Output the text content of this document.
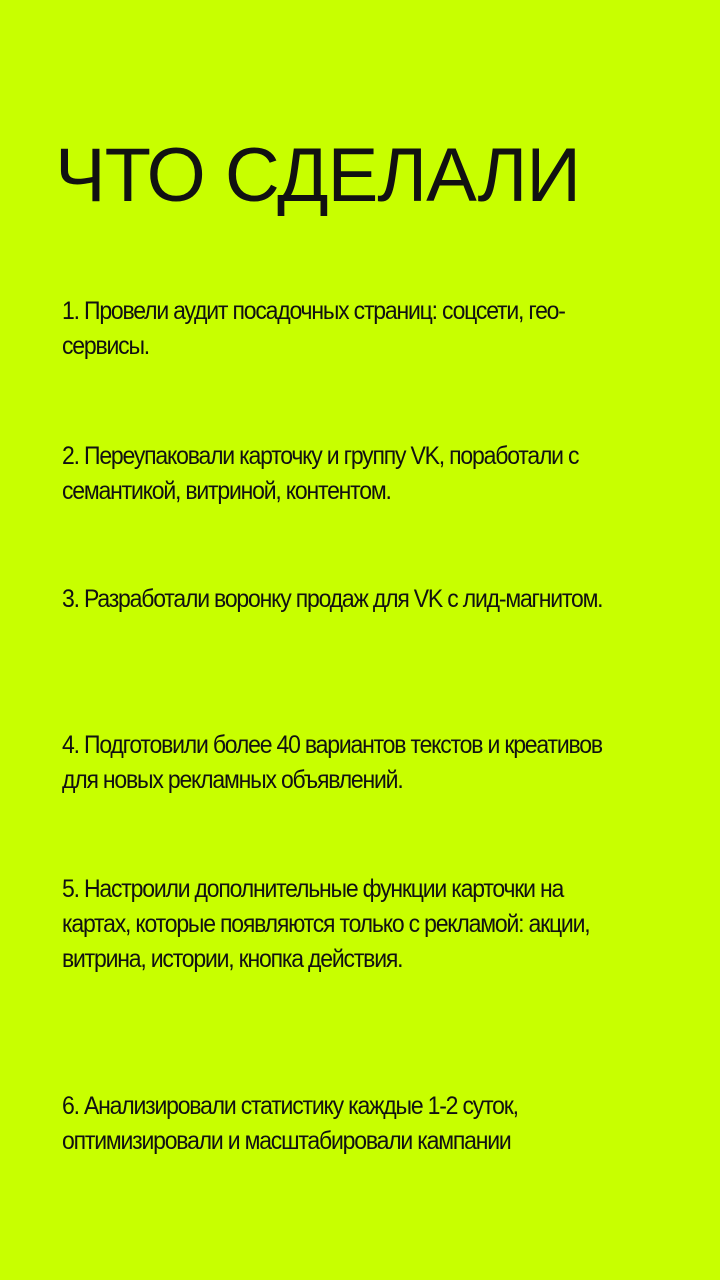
ЧТО СДЕЛАЛИ

1. Провели аудит посадочных страниц: соцсети, гео-сервисы.

2. Переупаковали карточку и группу VK, поработали с семантикой, витриной, контентом.

3. Разработали воронку продаж для VK с лид-магнитом.

4. Подготовили более 40 вариантов текстов и креативов для новых рекламных объявлений.

5. Настроили дополнительные функции карточки на картах, которые появляются только с рекламой: акции, витрина, истории, кнопка действия.

6. Анализировали статистику каждые 1-2 суток, оптимизировали и масштабировали кампании
